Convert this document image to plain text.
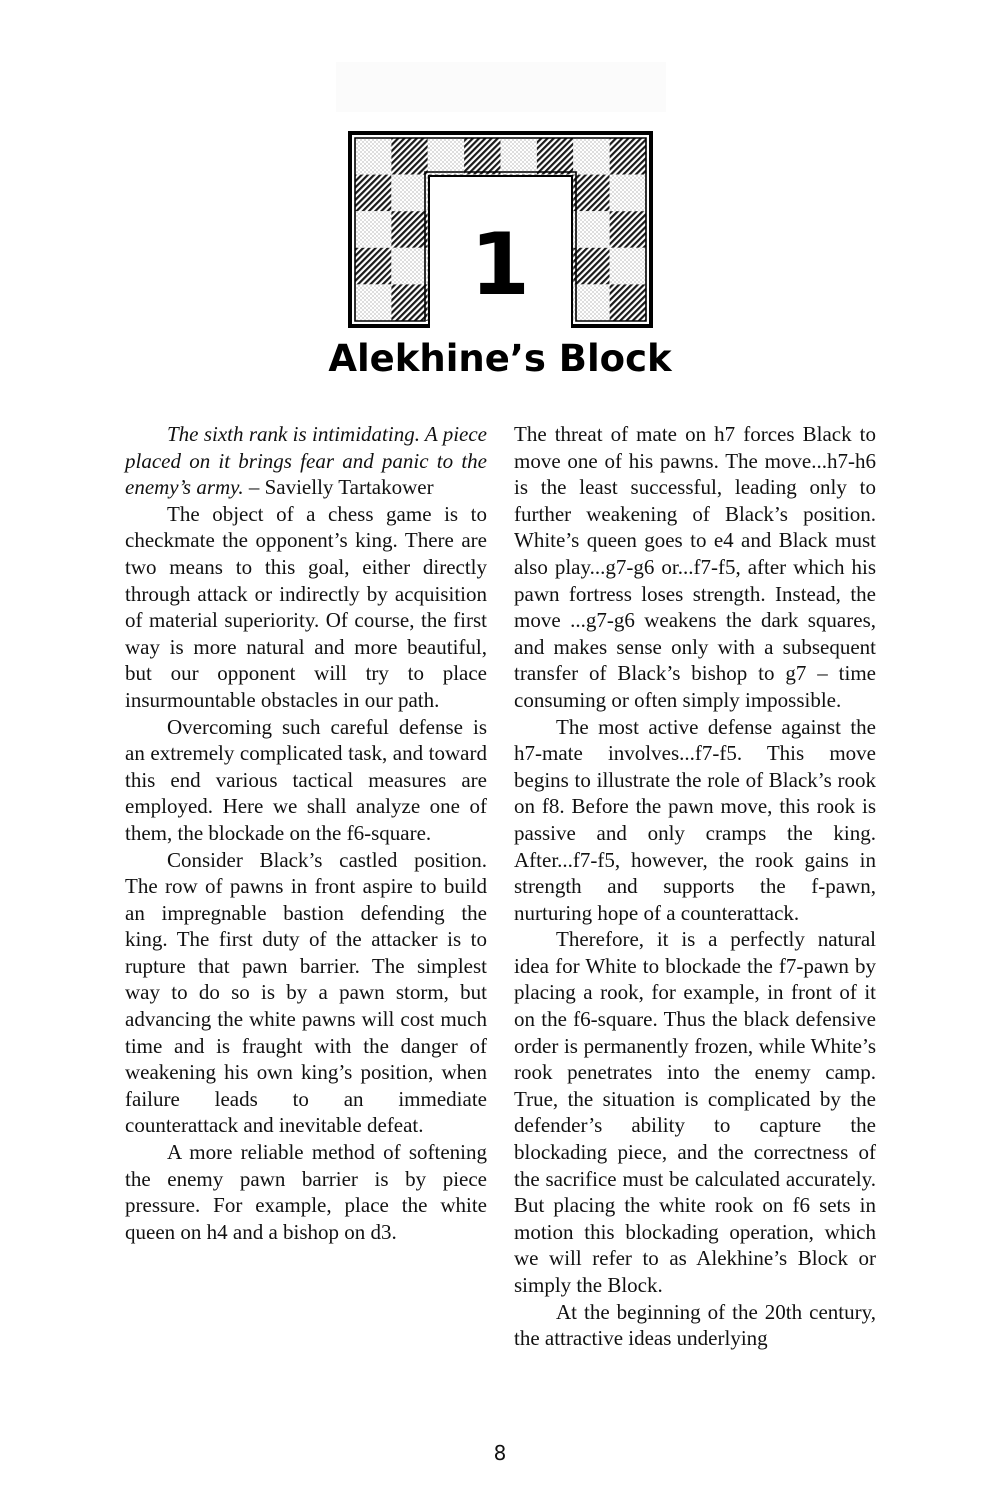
1
Alekhine’s Block

The sixth rank is intimidating. A piece placed on it brings fear and panic to the enemy’s army. – Savielly Tartakower

The object of a chess game is to checkmate the opponent’s king. There are two means to this goal, either directly through attack or indirectly by acquisition of material superiority. Of course, the first way is more natural and more beautiful, but our opponent will try to place insurmountable obstacles in our path.

Overcoming such careful defense is an extremely complicated task, and toward this end various tactical measures are employed. Here we shall analyze one of them, the blockade on the f6-square.

Consider Black’s castled position. The row of pawns in front aspire to build an impregnable bastion defending the king. The first duty of the attacker is to rupture that pawn barrier. The simplest way to do so is by a pawn storm, but advancing the white pawns will cost much time and is fraught with the danger of weakening his own king’s position, when failure leads to an immediate counterattack and inevitable defeat.

A more reliable method of softening the enemy pawn barrier is by piece pressure. For example, place the white queen on h4 and a bishop on d3.

The threat of mate on h7 forces Black to move one of his pawns. The move...h7-h6 is the least successful, leading only to further weakening of Black’s position. White’s queen goes to e4 and Black must also play...g7-g6 or...f7-f5, after which his pawn fortress loses strength. Instead, the move ...g7-g6 weakens the dark squares, and makes sense only with a subsequent transfer of Black’s bishop to g7 – time consuming or often simply impossible.

The most active defense against the h7-mate involves...f7-f5. This move begins to illustrate the role of Black’s rook on f8. Before the pawn move, this rook is passive and only cramps the king. After...f7-f5, however, the rook gains in strength and supports the f-pawn, nurturing hope of a counterattack.

Therefore, it is a perfectly natural idea for White to blockade the f7-pawn by placing a rook, for example, in front of it on the f6-square. Thus the black defensive order is permanently frozen, while White’s rook penetrates into the enemy camp. True, the situation is complicated by the defender’s ability to capture the blockading piece, and the correctness of the sacrifice must be calculated accurately. But placing the white rook on f6 sets in motion this blockading operation, which we will refer to as Alekhine’s Block or simply the Block.

At the beginning of the 20th century, the attractive ideas underlying

8
